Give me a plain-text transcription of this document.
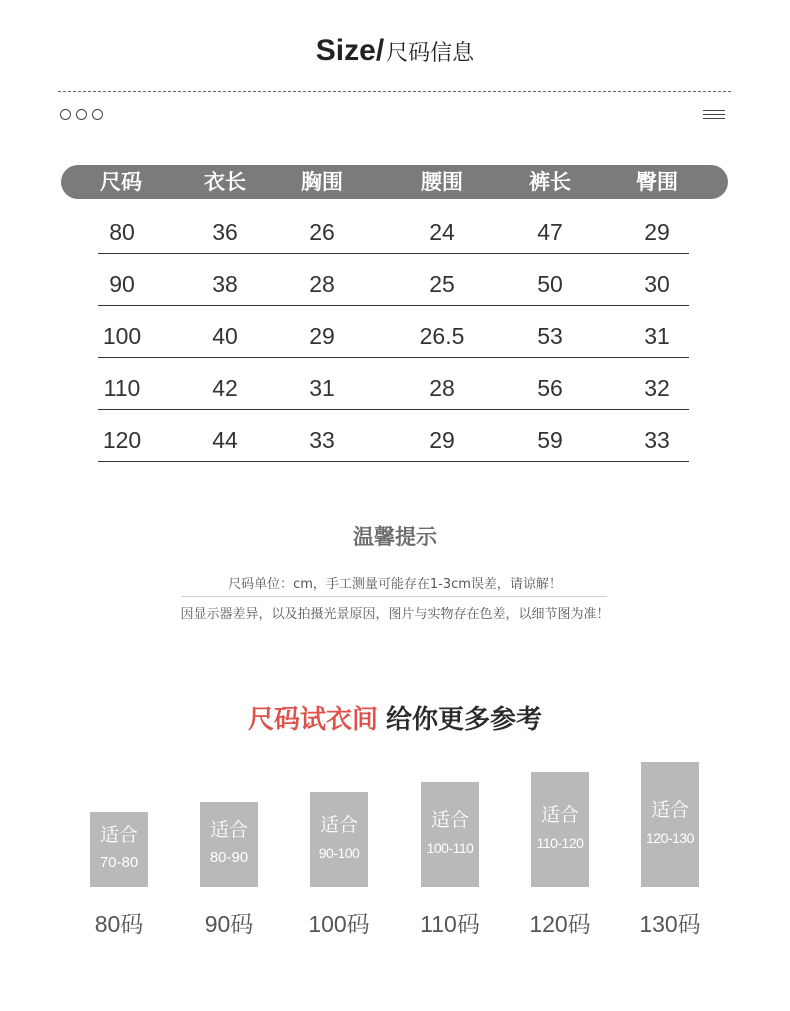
Size/尺码信息
尺码	衣长	胸围	腰围	裤长	臀围
80	36	26	24	47	29
90	38	28	25	50	30
100	40	29	26.5	53	31
110	42	31	28	56	32
120	44	33	29	59	33
温馨提示
尺码单位：cm，手工测量可能存在1-3cm误差，请谅解！
因显示器差异，以及拍摄光景原因，图片与实物存在色差，以细节图为准！
尺码试衣间 给你更多参考
适合
70-80
适合
80-90
适合
90-100
适合
100-110
适合
110-120
适合
120-130
80码	90码 100码 110码 120码 130码
